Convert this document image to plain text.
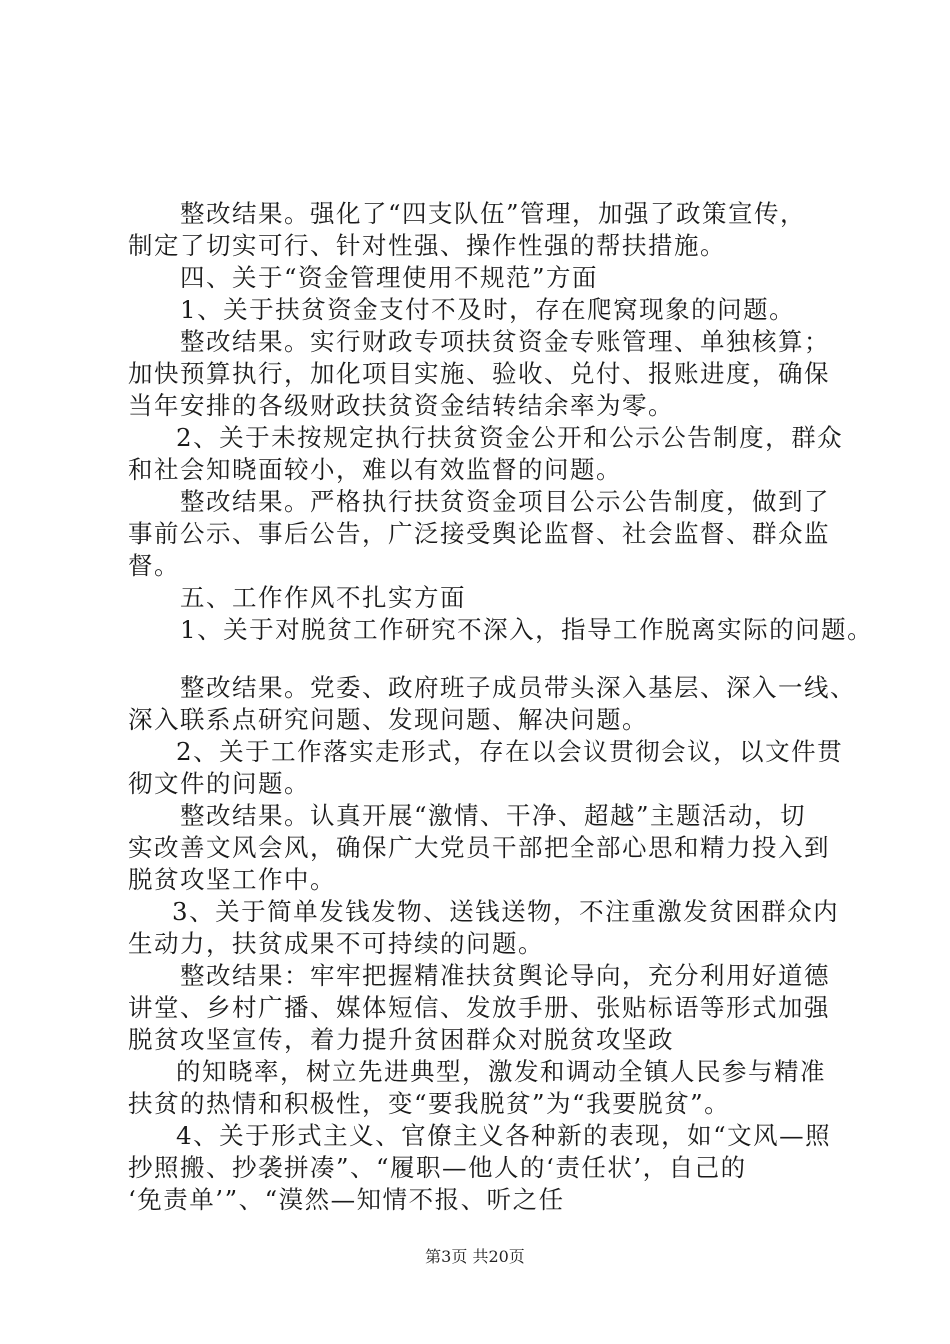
整改结果。强化了“四支队伍”管理，加强了政策宣传，
制定了切实可行、针对性强、操作性强的帮扶措施。
四、关于“资金管理使用不规范”方面
1、关于扶贫资金支付不及时，存在爬窝现象的问题。
整改结果。实行财政专项扶贫资金专账管理、单独核算；
加快预算执行，加化项目实施、验收、兑付、报账进度，确保
当年安排的各级财政扶贫资金结转结余率为零。
2、关于未按规定执行扶贫资金公开和公示公告制度，群众
和社会知晓面较小，难以有效监督的问题。
整改结果。严格执行扶贫资金项目公示公告制度，做到了
事前公示、事后公告，广泛接受舆论监督、社会监督、群众监
督。
五、工作作风不扎实方面
1、关于对脱贫工作研究不深入，指导工作脱离实际的问题。
整改结果。党委、政府班子成员带头深入基层、深入一线、
深入联系点研究问题、发现问题、解决问题。
2、关于工作落实走形式，存在以会议贯彻会议，以文件贯
彻文件的问题。
整改结果。认真开展“激情、干净、超越”主题活动，切
实改善文风会风，确保广大党员干部把全部心思和精力投入到
脱贫攻坚工作中。
3、关于简单发钱发物、送钱送物，不注重激发贫困群众内
生动力，扶贫成果不可持续的问题。
整改结果：牢牢把握精准扶贫舆论导向，充分利用好道德
讲堂、乡村广播、媒体短信、发放手册、张贴标语等形式加强
脱贫攻坚宣传，着力提升贫困群众对脱贫攻坚政
的知晓率，树立先进典型，激发和调动全镇人民参与精准
扶贫的热情和积极性，变“要我脱贫”为“我要脱贫”。
4、关于形式主义、官僚主义各种新的表现，如“文风—照
抄照搬、抄袭拼凑”、“履职—他人的‘责任状’，自己的
‘免责单’”、“漠然—知情不报、听之任
第3页 共20页
